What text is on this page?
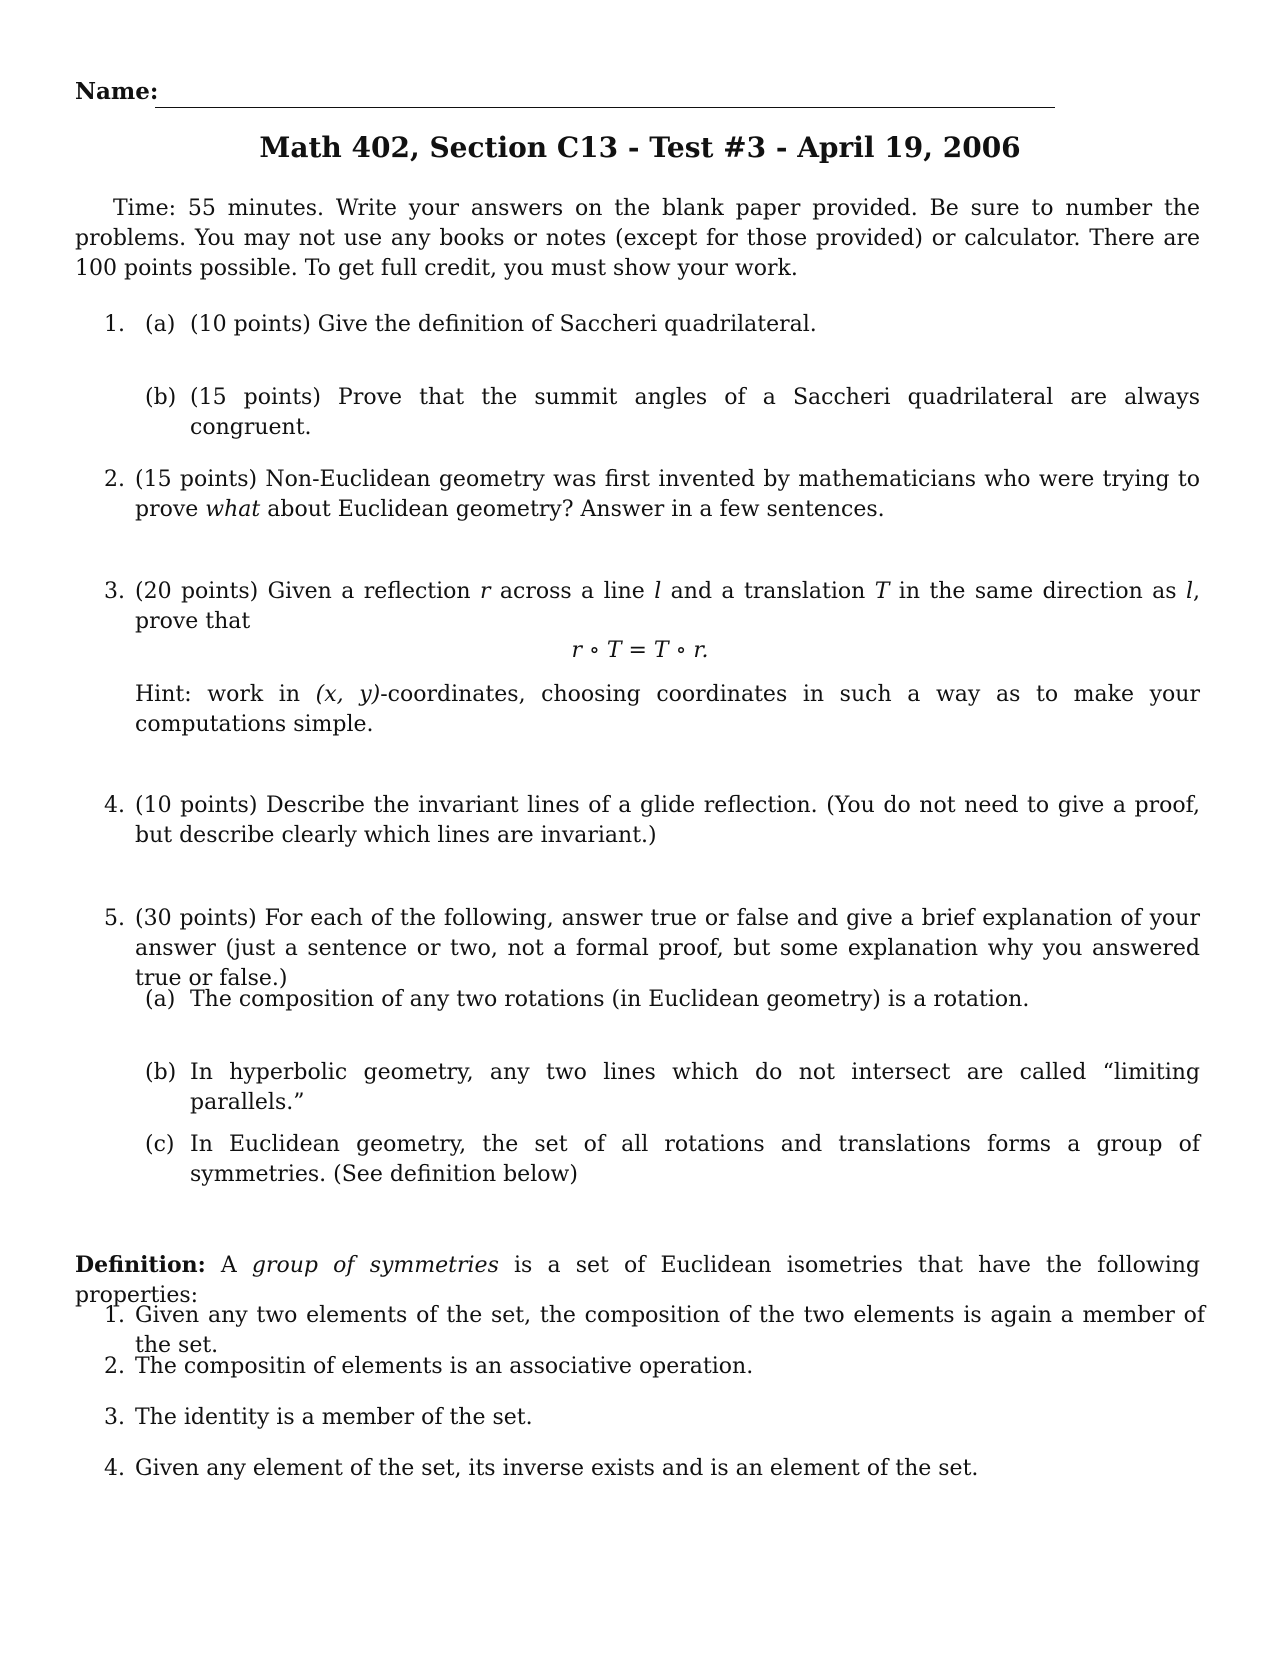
Name:
Math 402, Section C13 - Test #3 - April 19, 2006
Time: 55 minutes. Write your answers on the blank paper provided. Be sure to number the problems. You may not use any books or notes (except for those provided) or calculator. There are 100 points possible. To get full credit, you must show your work.
1. (a) (10 points) Give the definition of Saccheri quadrilateral.
(b) (15 points) Prove that the summit angles of a Saccheri quadrilateral are always congruent.
2. (15 points) Non-Euclidean geometry was first invented by mathematicians who were trying to prove what about Euclidean geometry? Answer in a few sentences.
3. (20 points) Given a reflection r across a line l and a translation T in the same direction as l, prove that
r ∘ T = T ∘ r.
Hint: work in (x, y)-coordinates, choosing coordinates in such a way as to make your computations simple.
4. (10 points) Describe the invariant lines of a glide reflection. (You do not need to give a proof, but describe clearly which lines are invariant.)
5. (30 points) For each of the following, answer true or false and give a brief explanation of your answer (just a sentence or two, not a formal proof, but some explanation why you answered true or false.)
(a) The composition of any two rotations (in Euclidean geometry) is a rotation.
(b) In hyperbolic geometry, any two lines which do not intersect are called “limiting parallels.”
(c) In Euclidean geometry, the set of all rotations and translations forms a group of symmetries. (See definition below)
Definition: A group of symmetries is a set of Euclidean isometries that have the following properties:
1. Given any two elements of the set, the composition of the two elements is again a member of the set.
2. The compositin of elements is an associative operation.
3. The identity is a member of the set.
4. Given any element of the set, its inverse exists and is an element of the set.
